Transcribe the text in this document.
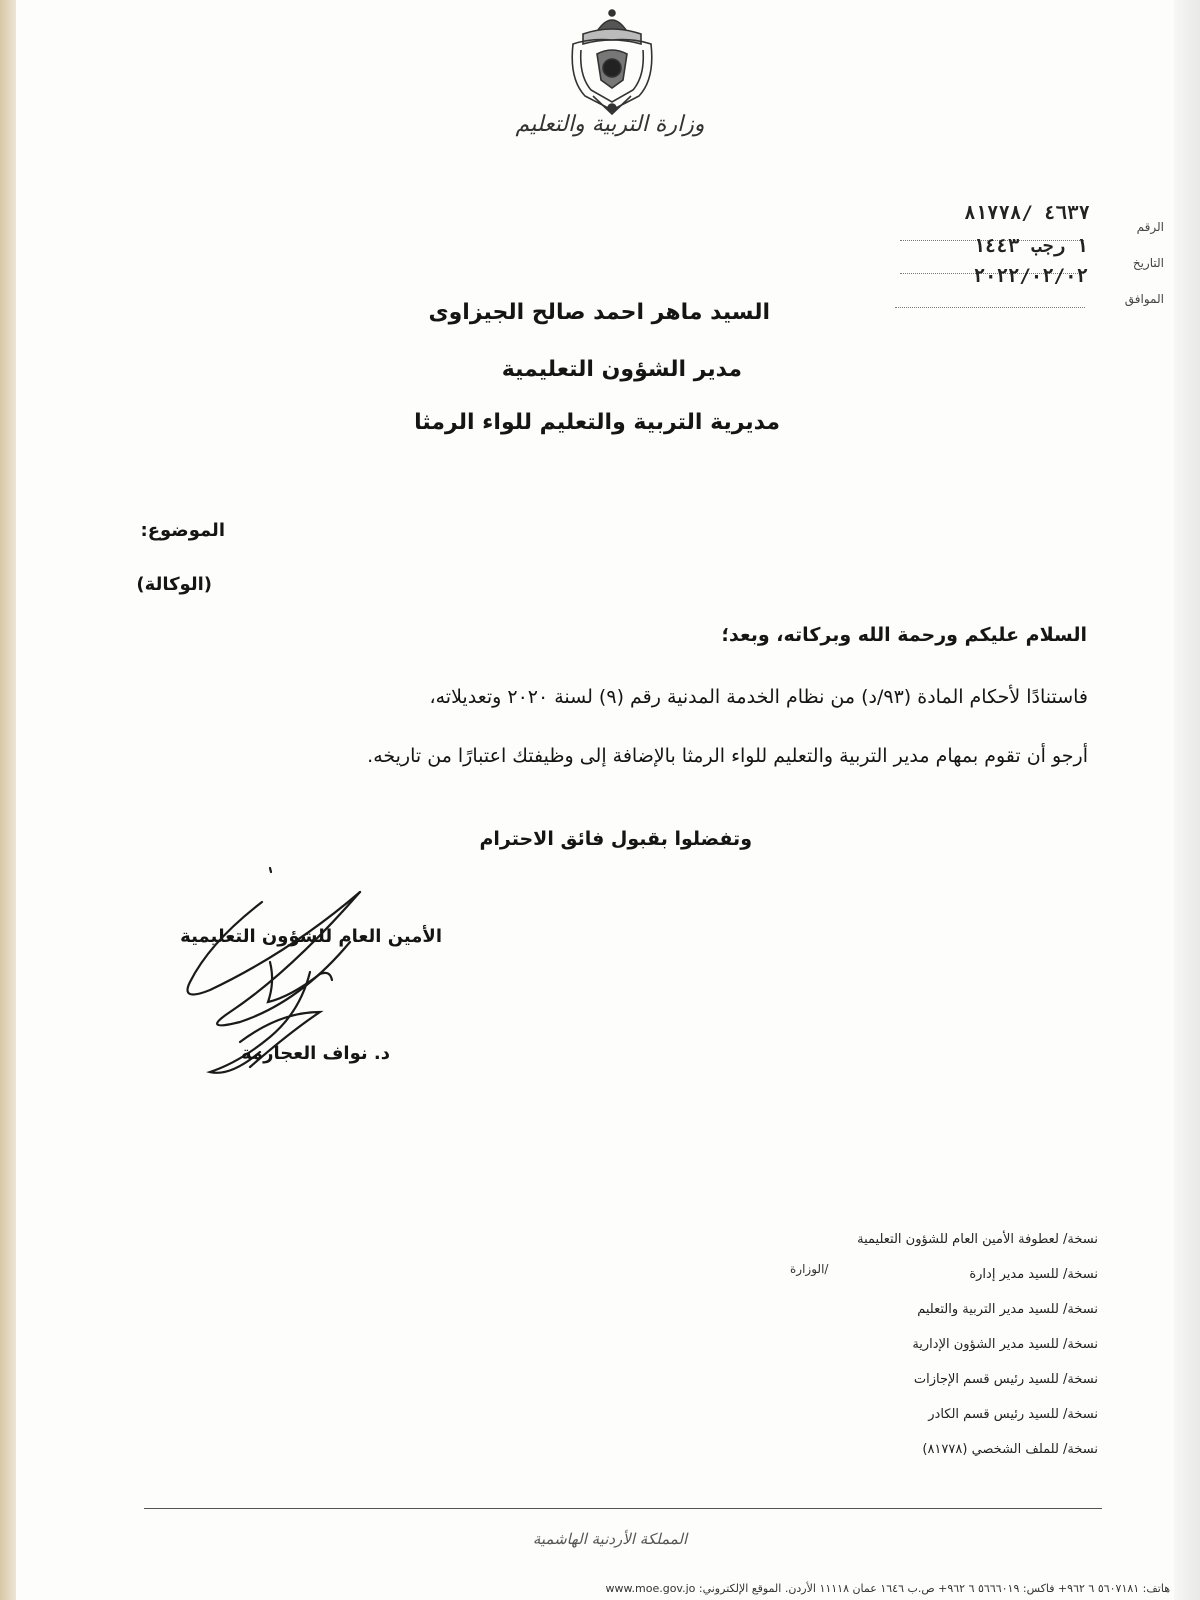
وزارة التربية والتعليم
الرقم
٤٦٣٧ /٨١٧٧٨
التاريخ
١ رجب ١٤٤٣
الموافق
٢٠٢٢/٠٢/٠٢
السيد ماهر احمد صالح الجيزاوى
مدير الشؤون التعليمية
مديرية التربية والتعليم للواء الرمثا
الموضوع:
(الوكالة)
السلام عليكم ورحمة الله وبركاته، وبعد؛
فاستنادًا لأحكام المادة (٩٣/د) من نظام الخدمة المدنية رقم (٩) لسنة ٢٠٢٠ وتعديلاته،
أرجو أن تقوم بمهام مدير التربية والتعليم للواء الرمثا بالإضافة إلى وظيفتك اعتبارًا من تاريخه.
وتفضلوا بقبول فائق الاحترام
الأمين العام للشؤون التعليمية
د. نواف العجارمة
نسخة/ لعطوفة الأمين العام للشؤون التعليمية
نسخة/ للسيد مدير إدارة
نسخة/ للسيد مدير التربية والتعليم
نسخة/ للسيد مدير الشؤون الإدارية
نسخة/ للسيد رئيس قسم الإجازات
نسخة/ للسيد رئيس قسم الكادر
نسخة/ للملف الشخصي (٨١٧٧٨)
/الوزارة
المملكة الأردنية الهاشمية
هاتف: ٥٦٠٧١٨١ ٦ ٩٦٢+ فاكس: ٥٦٦٦٠١٩ ٦ ٩٦٢+ ص.ب ١٦٤٦ عمان ١١١١٨ الأردن. الموقع الإلكتروني: www.moe.gov.jo
